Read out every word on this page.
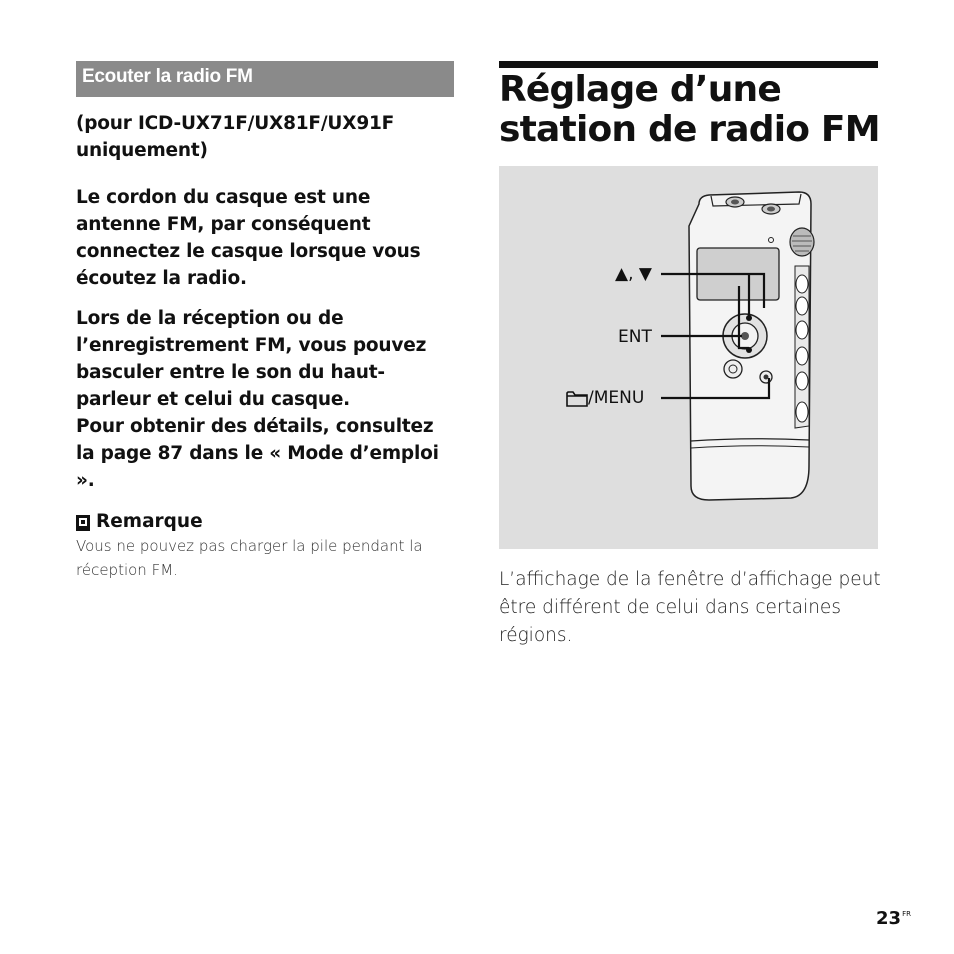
Ecouter la radio FM

(pour ICD-UX71F/UX81F/UX91F uniquement)

Le cordon du casque est une antenne FM, par conséquent connectez le casque lorsque vous écoutez la radio.

Lors de la réception ou de l’enregistrement FM, vous pouvez basculer entre le son du haut-parleur et celui du casque.

Pour obtenir des détails, consultez la page 87 dans le « Mode d’emploi ».

Remarque
Vous ne pouvez pas charger la pile pendant la réception FM.
Réglage d’une station de radio FM
▲, ▼
ENT
/MENU

L’affichage de la fenêtre d’affichage peut être différent de celui dans certaines régions.

$23^{FR}$
